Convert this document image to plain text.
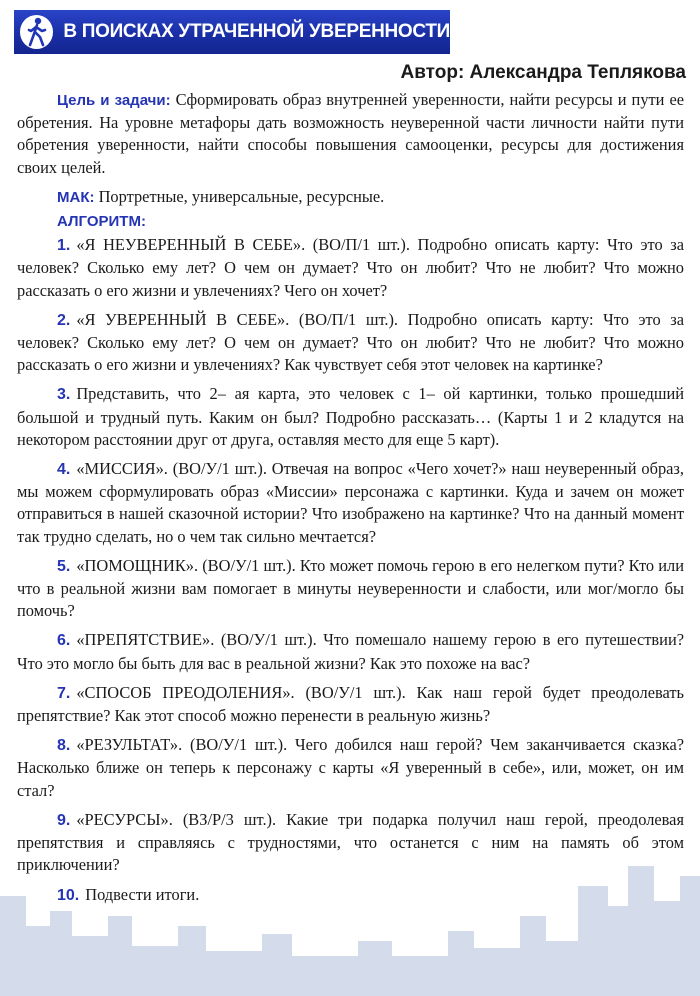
В ПОИСКАХ УТРАЧЕННОЙ УВЕРЕННОСТИ
Автор: Александра Теплякова

Цель и задачи: Сформировать образ внутренней уверенности, найти ресурсы и пути ее обретения. На уровне метафоры дать возможность неуверенной части личности найти пути обретения уверенности, найти способы повышения самооценки, ресурсы для достижения своих целей.

МАК: Портретные, универсальные, ресурсные.

АЛГОРИТМ:

1. «Я НЕУВЕРЕННЫЙ В СЕБЕ». (ВО/П/1 шт.). Подробно описать карту: Что это за человек? Сколько ему лет? О чем он думает? Что он любит? Что не любит? Что можно рассказать о его жизни и увлечениях? Чего он хочет?

2. «Я УВЕРЕННЫЙ В СЕБЕ». (ВО/П/1 шт.). Подробно описать карту: Что это за человек? Сколько ему лет? О чем он думает? Что он любит? Что не любит? Что можно рассказать о его жизни и увлечениях? Как чувствует себя этот человек на картинке?

3. Представить, что 2– ая карта, это человек с 1– ой картинки, только прошедший большой и трудный путь. Каким он был? Подробно рассказать… (Карты 1 и 2 кладутся на некотором расстоянии друг от друга, оставляя место для еще 5 карт).

4. «МИССИЯ». (ВО/У/1 шт.). Отвечая на вопрос «Чего хочет?» наш неуверенный образ, мы можем сформулировать образ «Миссии» персонажа с картинки. Куда и зачем он может отправиться в нашей сказочной истории? Что изображено на картинке? Что на данный момент так трудно сделать, но о чем так сильно мечтается?

5. «ПОМОЩНИК». (ВО/У/1 шт.). Кто может помочь герою в его нелегком пути? Кто или что в реальной жизни вам помогает в минуты неуверенности и слабости, или мог/могло бы помочь?

6. «ПРЕПЯТСТВИЕ». (ВО/У/1 шт.). Что помешало нашему герою в его путешествии? Что это могло бы быть для вас в реальной жизни? Как это похоже на вас?

7. «СПОСОБ ПРЕОДОЛЕНИЯ». (ВО/У/1 шт.). Как наш герой будет преодолевать препятствие? Как этот способ можно перенести в реальную жизнь?

8. «РЕЗУЛЬТАТ». (ВО/У/1 шт.). Чего добился наш герой? Чем заканчивается сказка? Насколько ближе он теперь к персонажу с карты «Я уверенный в себе», или, может, он им стал?

9. «РЕСУРСЫ». (ВЗ/Р/3 шт.). Какие три подарка получил наш герой, преодолевая препятствия и справляясь с трудностями, что останется с ним на память об этом приключении?

10. Подвести итоги.
